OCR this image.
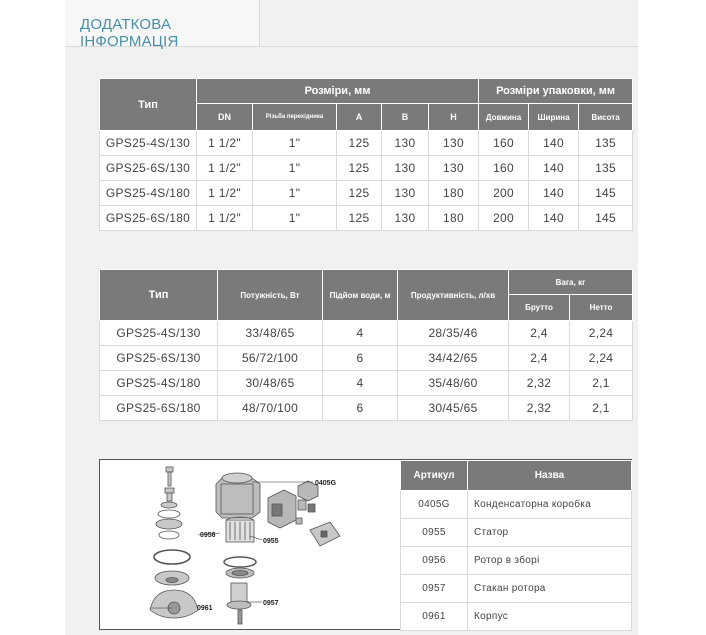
ДОДАТКОВА ІНФОРМАЦІЯ
Тип	Розміри, мм					Розміри упаковки, мм		
	DN	Різьба перехідника	A	B	H	Довжина	Ширина	Висота
GPS25-4S/130	1 1/2"	1"	125	130	130	160	140	135
GPS25-6S/130	1 1/2"	1"	125	130	130	160	140	135
GPS25-4S/180	1 1/2"	1"	125	130	180	200	140	145
GPS25-6S/180	1 1/2"	1"	125	130	180	200	140	145
Тип	Потужність, Вт	Підйом води, м	Продуктивність, л/хв	Вага, кг	
				Брутто	Нетто
GPS25-4S/130	33/48/65	4	28/35/46	2,4	2,24
GPS25-6S/130	56/72/100	6	34/42/65	2,4	2,24
GPS25-4S/180	30/48/65	4	35/48/60	2,32	2,1
GPS25-6S/180	48/70/100	6	30/45/65	2,32	2,1
0405G
0956
0955
0961
0957
Артикул	Назва
0405G	Конденсаторна коробка
0955	Статор
0956	Ротор в зборі
0957	Стакан ротора
0961	Корпус
